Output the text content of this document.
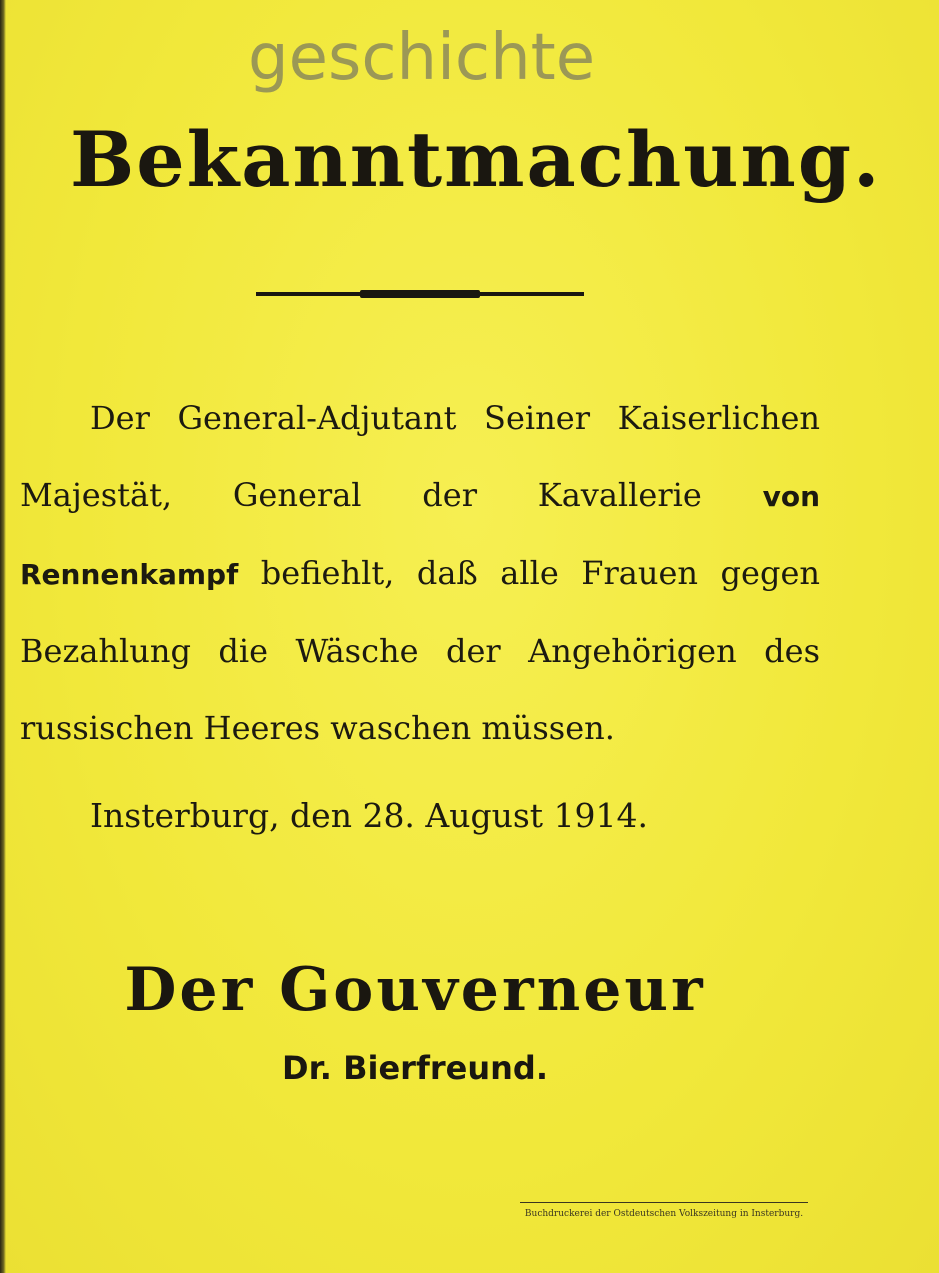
geschichte
Bekanntmachung.
Der General-Adjutant Seiner Kaiserlichen Majestät, General der Kavallerie von Rennenkampf befiehlt, daß alle Frauen gegen Bezahlung die Wäsche der Angehörigen des russischen Heeres waschen müssen.
Insterburg, den 28. August 1914.
Der Gouverneur
Dr. Bierfreund.
Buchdruckerei der Ostdeutschen Volkszeitung in Insterburg.
